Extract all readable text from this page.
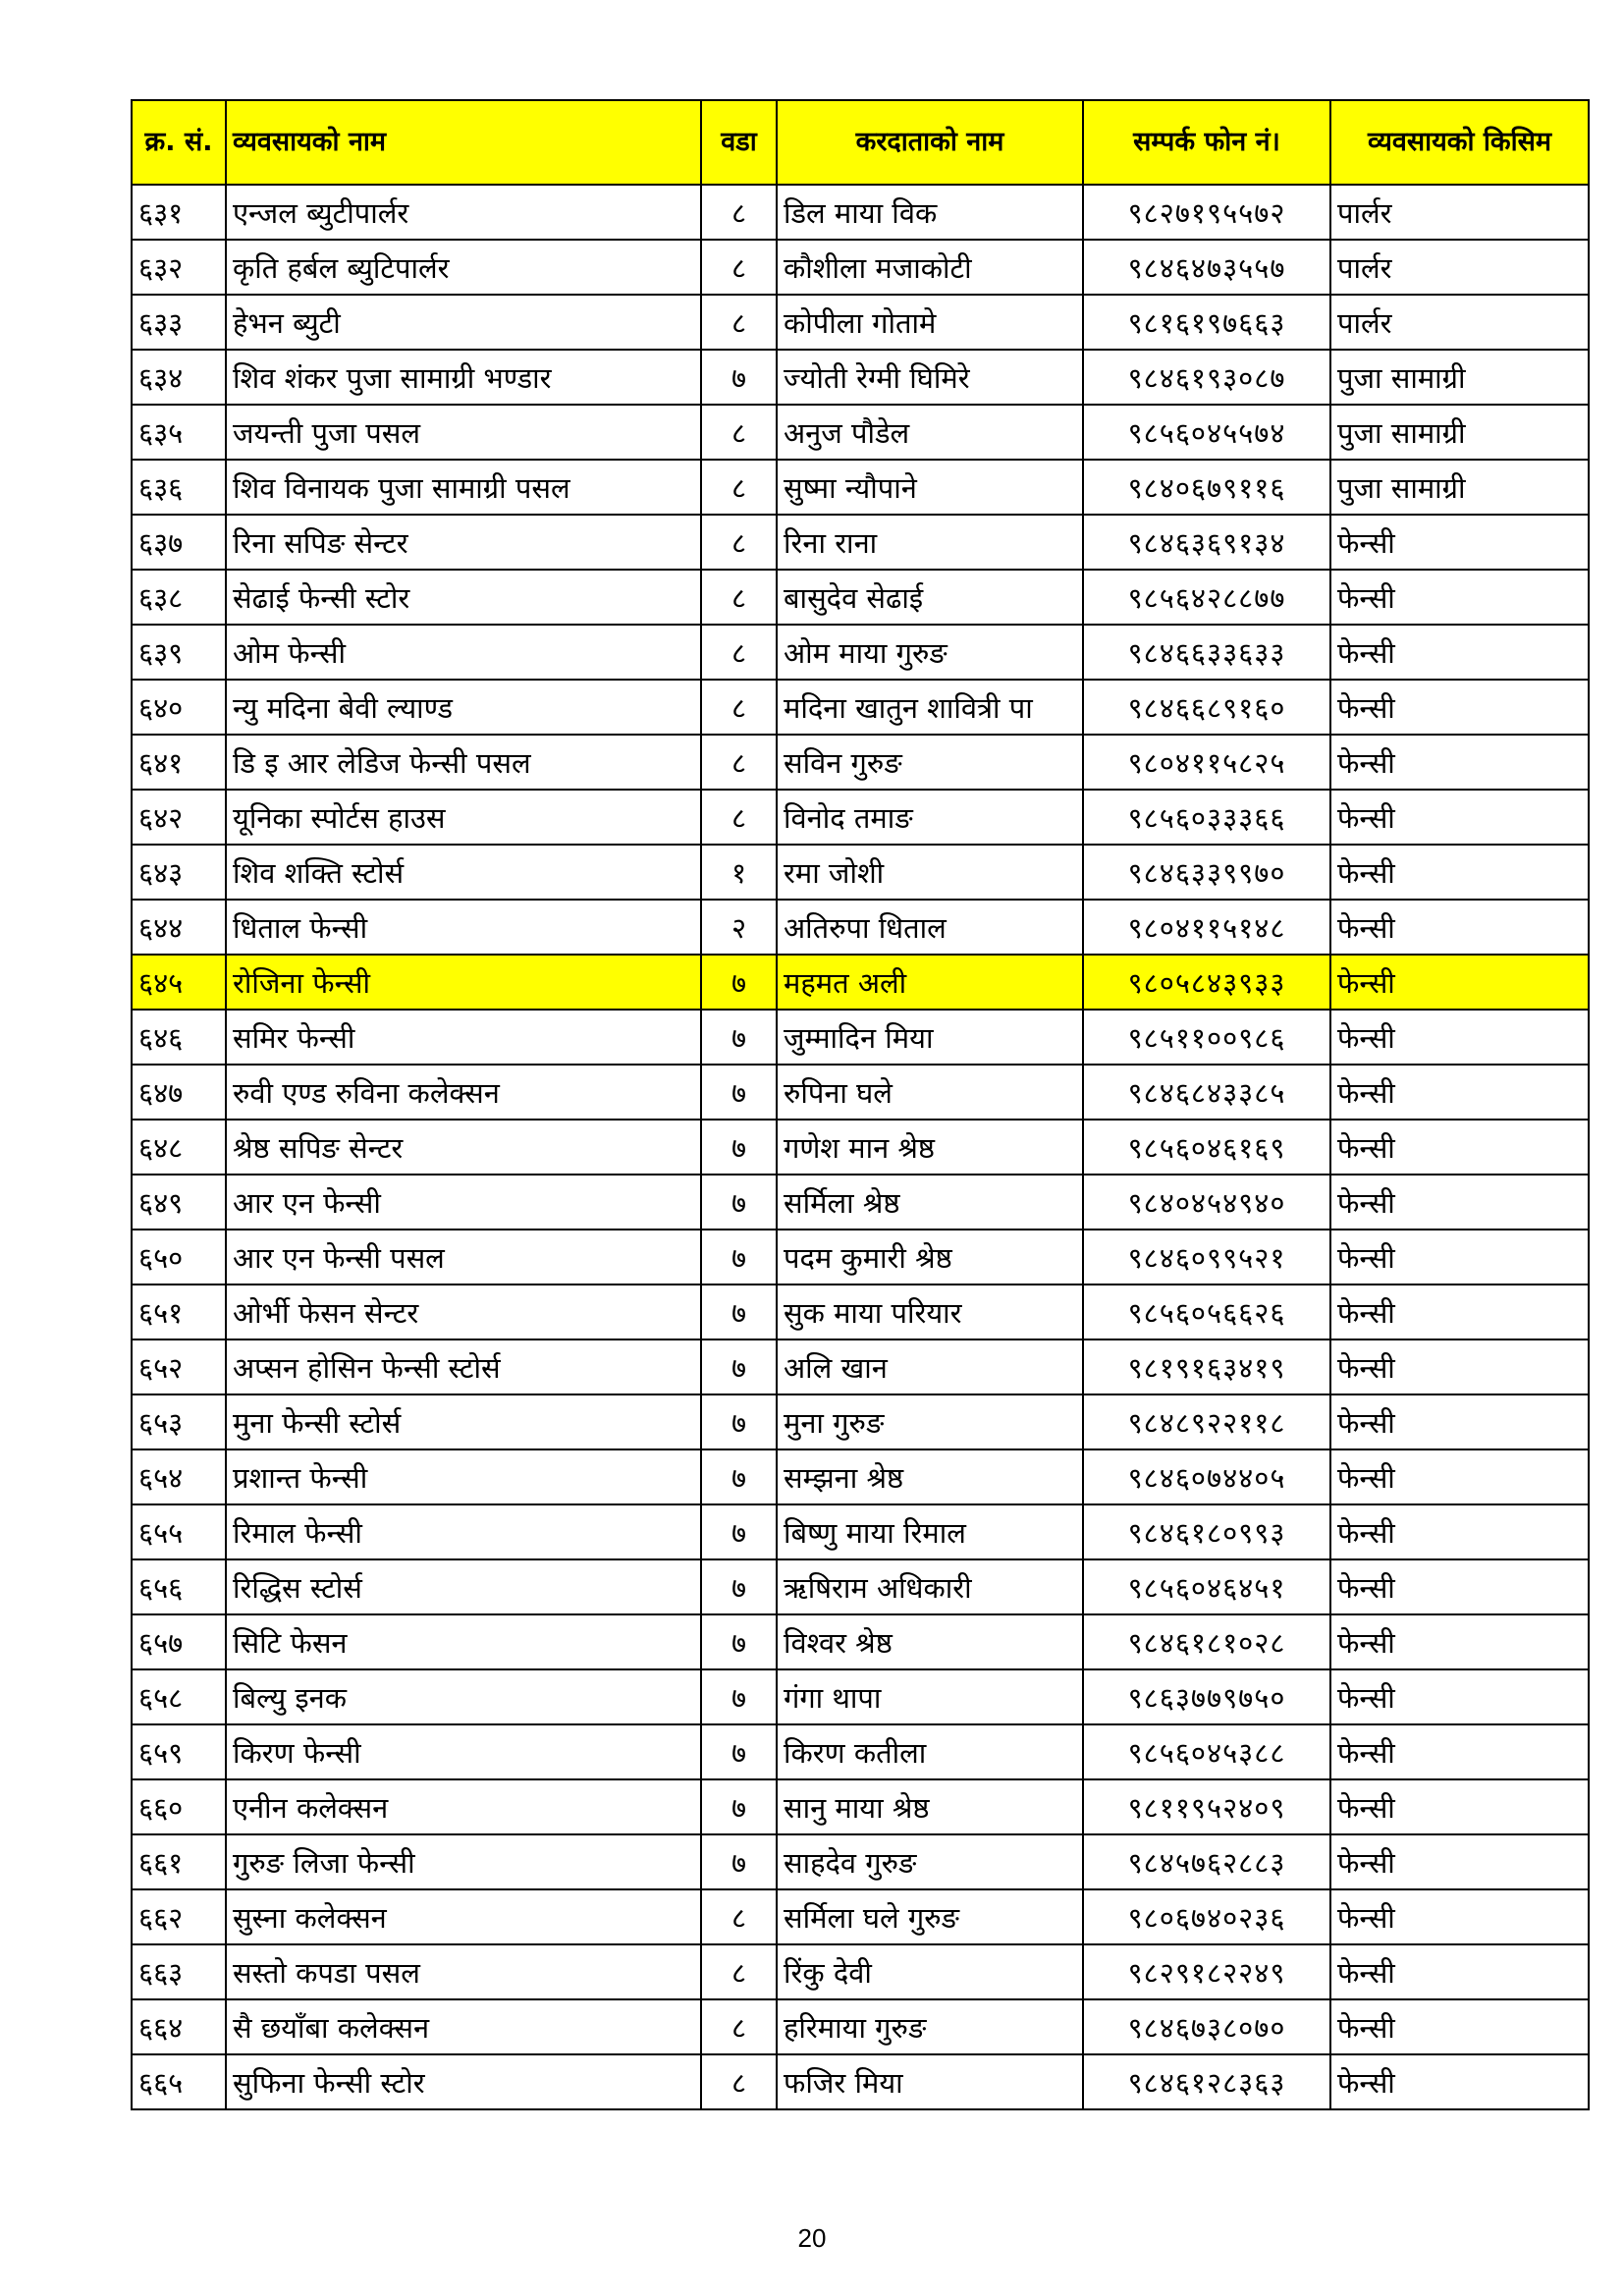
क्र. सं.	व्यवसायको नाम	वडा	करदाताको नाम	सम्पर्क फोन नं।	व्यवसायको किसिम
६३१	एन्जल ब्युटीपार्लर	८	डिल माया विक	९८२७१९५५७२	पार्लर
६३२	कृति हर्बल ब्युटिपार्लर	८	कौशीला मजाकोटी	९८४६४७३५५७	पार्लर
६३३	हेभन ब्युटी	८	कोपीला गोतामे	९८१६१९७६६३	पार्लर
६३४	शिव शंकर पुजा सामाग्री भण्डार	७	ज्योती रेग्मी घिमिरे	९८४६१९३०८७	पुजा सामाग्री
६३५	जयन्ती पुजा पसल	८	अनुज पौडेल	९८५६०४५५७४	पुजा सामाग्री
६३६	शिव विनायक पुजा सामाग्री पसल	८	सुष्मा न्यौपाने	९८४०६७९११६	पुजा सामाग्री
६३७	रिना सपिङ सेन्टर	८	रिना राना	९८४६३६९१३४	फेन्सी
६३८	सेढाई फेन्सी स्टोर	८	बासुदेव सेढाई	९८५६४२८८७७	फेन्सी
६३९	ओम फेन्सी	८	ओम माया गुरुङ	९८४६६३३६३३	फेन्सी
६४०	न्यु मदिना बेवी ल्याण्ड	८	मदिना खातुन शावित्री पा	९८४६६८९१६०	फेन्सी
६४१	डि इ आर लेडिज फेन्सी पसल	८	सविन गुरुङ	९८०४११५८२५	फेन्सी
६४२	यूनिका स्पोर्टस हाउस	८	विनोद तमाङ	९८५६०३३३६६	फेन्सी
६४३	शिव शक्ति स्टोर्स	१	रमा जोशी	९८४६३३९९७०	फेन्सी
६४४	धिताल फेन्सी	२	अतिरुपा धिताल	९८०४११५१४८	फेन्सी
६४५	रोजिना फेन्सी	७	महमत अली	९८०५८४३९३३	फेन्सी
६४६	समिर फेन्सी	७	जुम्मादिन मिया	९८५११००९८६	फेन्सी
६४७	रुवी एण्ड रुविना कलेक्सन	७	रुपिना घले	९८४६८४३३८५	फेन्सी
६४८	श्रेष्ठ सपिङ सेन्टर	७	गणेश मान श्रेष्ठ	९८५६०४६१६९	फेन्सी
६४९	आर एन फेन्सी	७	सर्मिला श्रेष्ठ	९८४०४५४९४०	फेन्सी
६५०	आर एन फेन्सी पसल	७	पदम कुमारी श्रेष्ठ	९८४६०९९५२१	फेन्सी
६५१	ओर्भी फेसन सेन्टर	७	सुक माया परियार	९८५६०५६६२६	फेन्सी
६५२	अप्सन होसिन फेन्सी स्टोर्स	७	अलि खान	९८१९१६३४१९	फेन्सी
६५३	मुना फेन्सी स्टोर्स	७	मुना गुरुङ	९८४८९२२११८	फेन्सी
६५४	प्रशान्त फेन्सी	७	सम्झना श्रेष्ठ	९८४६०७४४०५	फेन्सी
६५५	रिमाल फेन्सी	७	बिष्णु माया रिमाल	९८४६१८०९९३	फेन्सी
६५६	रिद्धिस स्टोर्स	७	ऋषिराम अधिकारी	९८५६०४६४५१	फेन्सी
६५७	सिटि फेसन	७	विश्वर श्रेष्ठ	९८४६१८१०२८	फेन्सी
६५८	बिल्यु इनक	७	गंगा थापा	९८६३७७९७५०	फेन्सी
६५९	किरण फेन्सी	७	किरण कतीला	९८५६०४५३८८	फेन्सी
६६०	एनीन कलेक्सन	७	सानु माया श्रेष्ठ	९८११९५२४०९	फेन्सी
६६१	गुरुङ लिजा फेन्सी	७	साहदेव गुरुङ	९८४५७६२८८३	फेन्सी
६६२	सुस्ना कलेक्सन	८	सर्मिला घले गुरुङ	९८०६७४०२३६	फेन्सी
६६३	सस्तो कपडा पसल	८	रिंकु देवी	९८२९१८२२४९	फेन्सी
६६४	सै छयाँबा कलेक्सन	८	हरिमाया गुरुङ	९८४६७३८०७०	फेन्सी
६६५	सुफिना फेन्सी स्टोर	८	फजिर मिया	९८४६१२८३६३	फेन्सी
20
